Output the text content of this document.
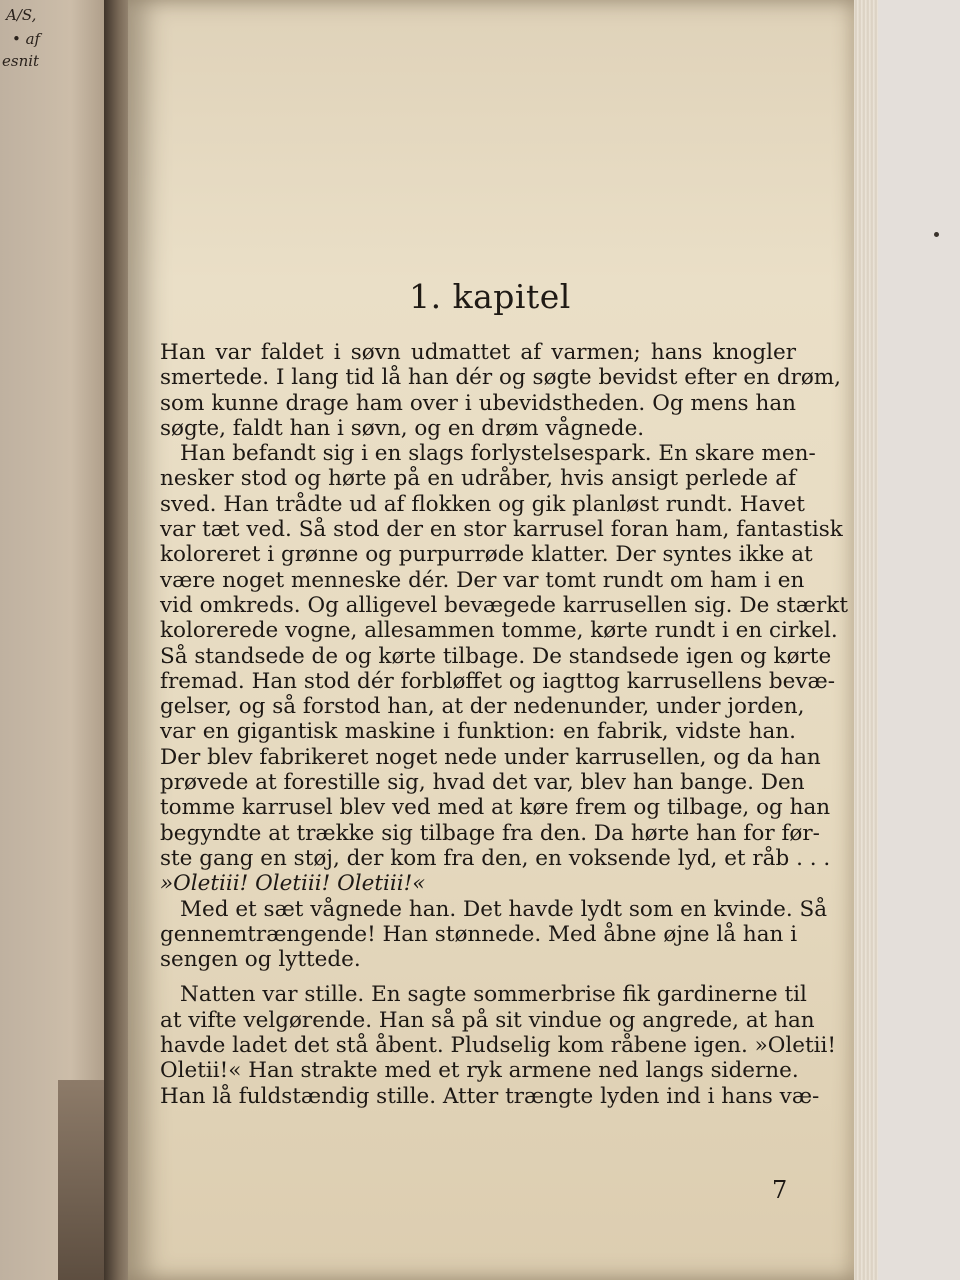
A/S,
• af
esnit
1. kapitel
Han var faldet i søvn udmattet af varmen; hans knogler
smertede. I lang tid lå han dér og søgte bevidst efter en drøm,
som kunne drage ham over i ubevidstheden. Og mens han
søgte, faldt han i søvn, og en drøm vågnede.
Han befandt sig i en slags forlystelsespark. En skare men-
nesker stod og hørte på en udråber, hvis ansigt perlede af
sved. Han trådte ud af flokken og gik planløst rundt. Havet
var tæt ved. Så stod der en stor karrusel foran ham, fantastisk
koloreret i grønne og purpurrøde klatter. Der syntes ikke at
være noget menneske dér. Der var tomt rundt om ham i en
vid omkreds. Og alligevel bevægede karrusellen sig. De stærkt
kolorerede vogne, allesammen tomme, kørte rundt i en cirkel.
Så standsede de og kørte tilbage. De standsede igen og kørte
fremad. Han stod dér forbløffet og iagttog karrusellens bevæ-
gelser, og så forstod han, at der nedenunder, under jorden,
var en gigantisk maskine i funktion: en fabrik, vidste han.
Der blev fabrikeret noget nede under karrusellen, og da han
prøvede at forestille sig, hvad det var, blev han bange. Den
tomme karrusel blev ved med at køre frem og tilbage, og han
begyndte at trække sig tilbage fra den. Da hørte han for før-
ste gang en støj, der kom fra den, en voksende lyd, et råb . . .
»Oletiii! Oletiii! Oletiii!«
Med et sæt vågnede han. Det havde lydt som en kvinde. Så
gennemtrængende! Han stønnede. Med åbne øjne lå han i
sengen og lyttede.
Natten var stille. En sagte sommerbrise fik gardinerne til
at vifte velgørende. Han så på sit vindue og angrede, at han
havde ladet det stå åbent. Pludselig kom råbene igen. »Oletii!
Oletii!« Han strakte med et ryk armene ned langs siderne.
Han lå fuldstændig stille. Atter trængte lyden ind i hans væ-
7
